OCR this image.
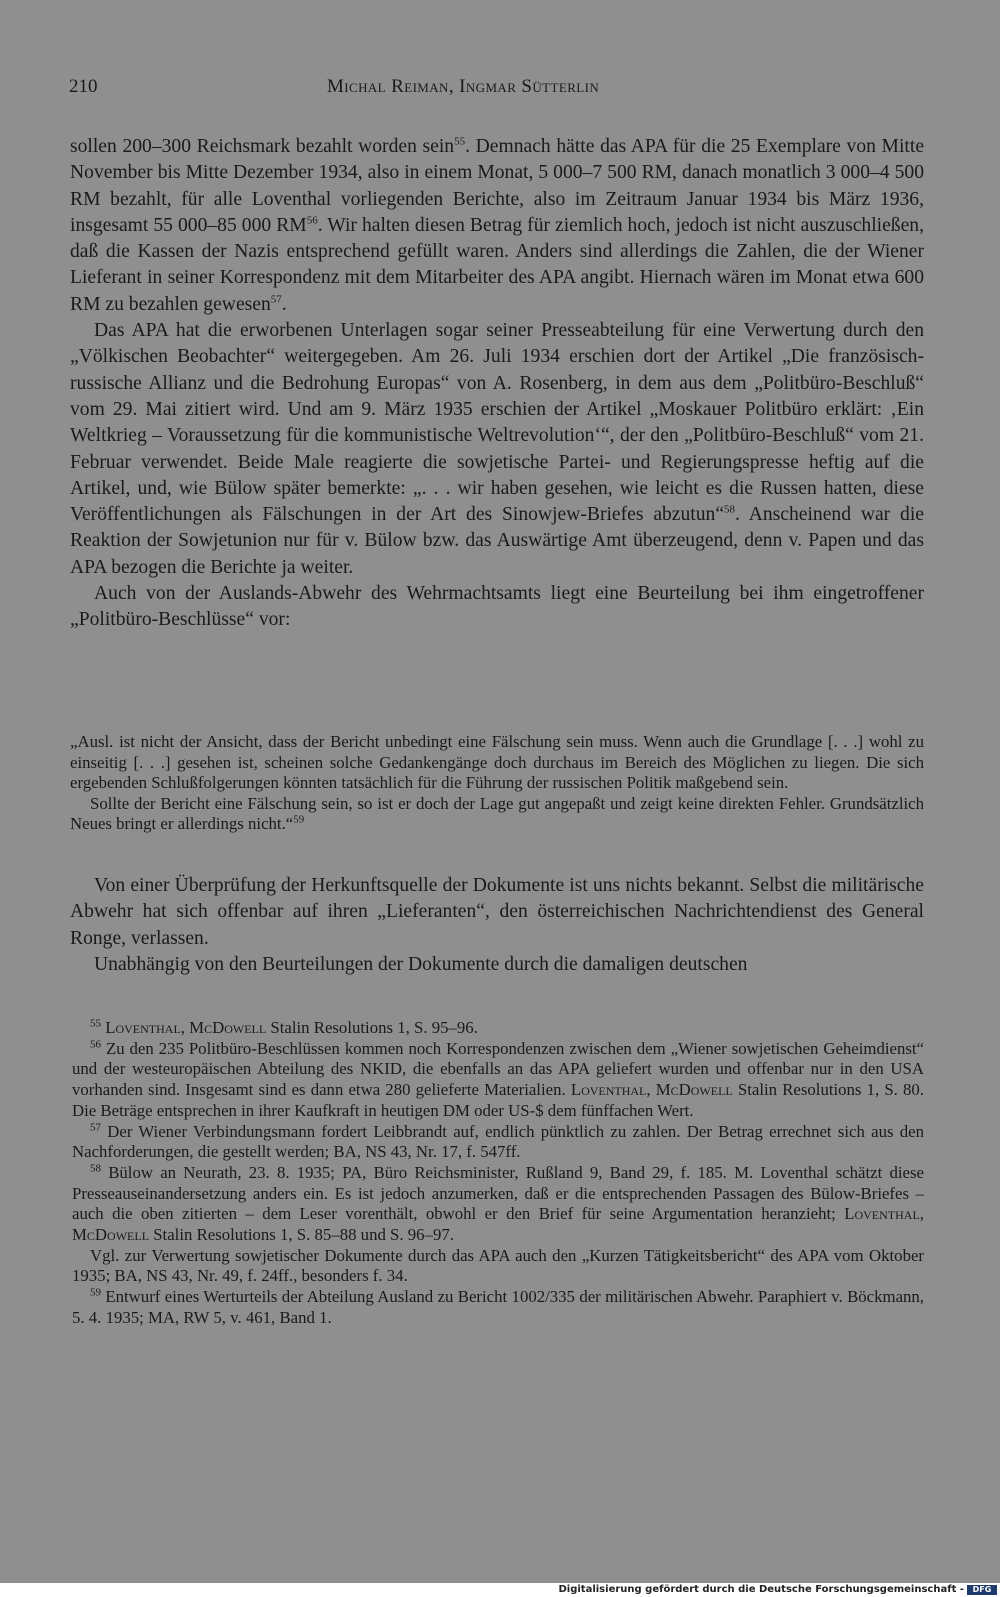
210	Michal Reiman, Ingmar Sütterlin

sollen 200–300 Reichsmark bezahlt worden sein$^{55}$. Demnach hätte das APA für die 25 Exemplare von Mitte November bis Mitte Dezember 1934, also in einem Monat, 5 000–7 500 RM, danach monatlich 3 000–4 500 RM bezahlt, für alle Loventhal vorliegenden Berichte, also im Zeitraum Januar 1934 bis März 1936, insgesamt 55 000–85 000 RM$^{56}$. Wir halten diesen Betrag für ziemlich hoch, jedoch ist nicht auszuschließen, daß die Kassen der Nazis entsprechend gefüllt waren. Anders sind allerdings die Zahlen, die der Wiener Lieferant in seiner Korrespondenz mit dem Mitarbeiter des APA angibt. Hiernach wären im Monat etwa 600 RM zu bezahlen gewesen$^{57}$.

Das APA hat die erworbenen Unterlagen sogar seiner Presseabteilung für eine Verwertung durch den „Völkischen Beobachter“ weitergegeben. Am 26. Juli 1934 erschien dort der Artikel „Die französisch-russische Allianz und die Bedrohung Europas“ von A. Rosenberg, in dem aus dem „Politbüro-Beschluß“ vom 29. Mai zitiert wird. Und am 9. März 1935 erschien der Artikel „Moskauer Politbüro erklärt: ‚Ein Weltkrieg – Voraussetzung für die kommunistische Weltrevolution‘“, der den „Politbüro-Beschluß“ vom 21. Februar verwendet. Beide Male reagierte die sowjetische Partei- und Regierungspresse heftig auf die Artikel, und, wie Bülow später bemerkte: „. . . wir haben gesehen, wie leicht es die Russen hatten, diese Veröffentlichungen als Fälschungen in der Art des Sinowjew-Briefes abzutun“$^{58}$. Anscheinend war die Reaktion der Sowjetunion nur für v. Bülow bzw. das Auswärtige Amt überzeugend, denn v. Papen und das APA bezogen die Berichte ja weiter.

Auch von der Auslands-Abwehr des Wehrmachtsamts liegt eine Beurteilung bei ihm eingetroffener „Politbüro-Beschlüsse“ vor:

„Ausl. ist nicht der Ansicht, dass der Bericht unbedingt eine Fälschung sein muss. Wenn auch die Grundlage [. . .] wohl zu einseitig [. . .] gesehen ist, scheinen solche Gedankengänge doch durchaus im Bereich des Möglichen zu liegen. Die sich ergebenden Schlußfolgerungen könnten tatsächlich für die Führung der russischen Politik maßgebend sein.

Sollte der Bericht eine Fälschung sein, so ist er doch der Lage gut angepaßt und zeigt keine direkten Fehler. Grundsätzlich Neues bringt er allerdings nicht.“$^{59}$

Von einer Überprüfung der Herkunftsquelle der Dokumente ist uns nichts bekannt. Selbst die militärische Abwehr hat sich offenbar auf ihren „Lieferanten“, den österreichischen Nachrichtendienst des General Ronge, verlassen.

Unabhängig von den Beurteilungen der Dokumente durch die damaligen deutschen

$^{55}$ Loventhal, McDowell Stalin Resolutions 1, S. 95–96.

$^{56}$ Zu den 235 Politbüro-Beschlüssen kommen noch Korrespondenzen zwischen dem „Wiener sowjetischen Geheimdienst“ und der westeuropäischen Abteilung des NKID, die ebenfalls an das APA geliefert wurden und offenbar nur in den USA vorhanden sind. Insgesamt sind es dann etwa 280 gelieferte Materialien. Loventhal, McDowell Stalin Resolutions 1, S. 80. Die Beträge entsprechen in ihrer Kaufkraft in heutigen DM oder US-$ dem fünffachen Wert.

$^{57}$ Der Wiener Verbindungsmann fordert Leibbrandt auf, endlich pünktlich zu zahlen. Der Betrag errechnet sich aus den Nachforderungen, die gestellt werden; BA, NS 43, Nr. 17, f. 547ff.

$^{58}$ Bülow an Neurath, 23. 8. 1935; PA, Büro Reichsminister, Rußland 9, Band 29, f. 185. M. Loventhal schätzt diese Presseauseinandersetzung anders ein. Es ist jedoch anzumerken, daß er die entsprechenden Passagen des Bülow-Briefes – auch die oben zitierten – dem Leser vorenthält, obwohl er den Brief für seine Argumentation heranzieht; Loventhal, McDowell Stalin Resolutions 1, S. 85–88 und S. 96–97.

Vgl. zur Verwertung sowjetischer Dokumente durch das APA auch den „Kurzen Tätigkeitsbericht“ des APA vom Oktober 1935; BA, NS 43, Nr. 49, f. 24ff., besonders f. 34.

$^{59}$ Entwurf eines Werturteils der Abteilung Ausland zu Bericht 1002/335 der militärischen Abwehr. Paraphiert v. Böckmann, 5. 4. 1935; MA, RW 5, v. 461, Band 1.

Digitalisierung gefördert durch die Deutsche Forschungsgemeinschaft -	DFG
